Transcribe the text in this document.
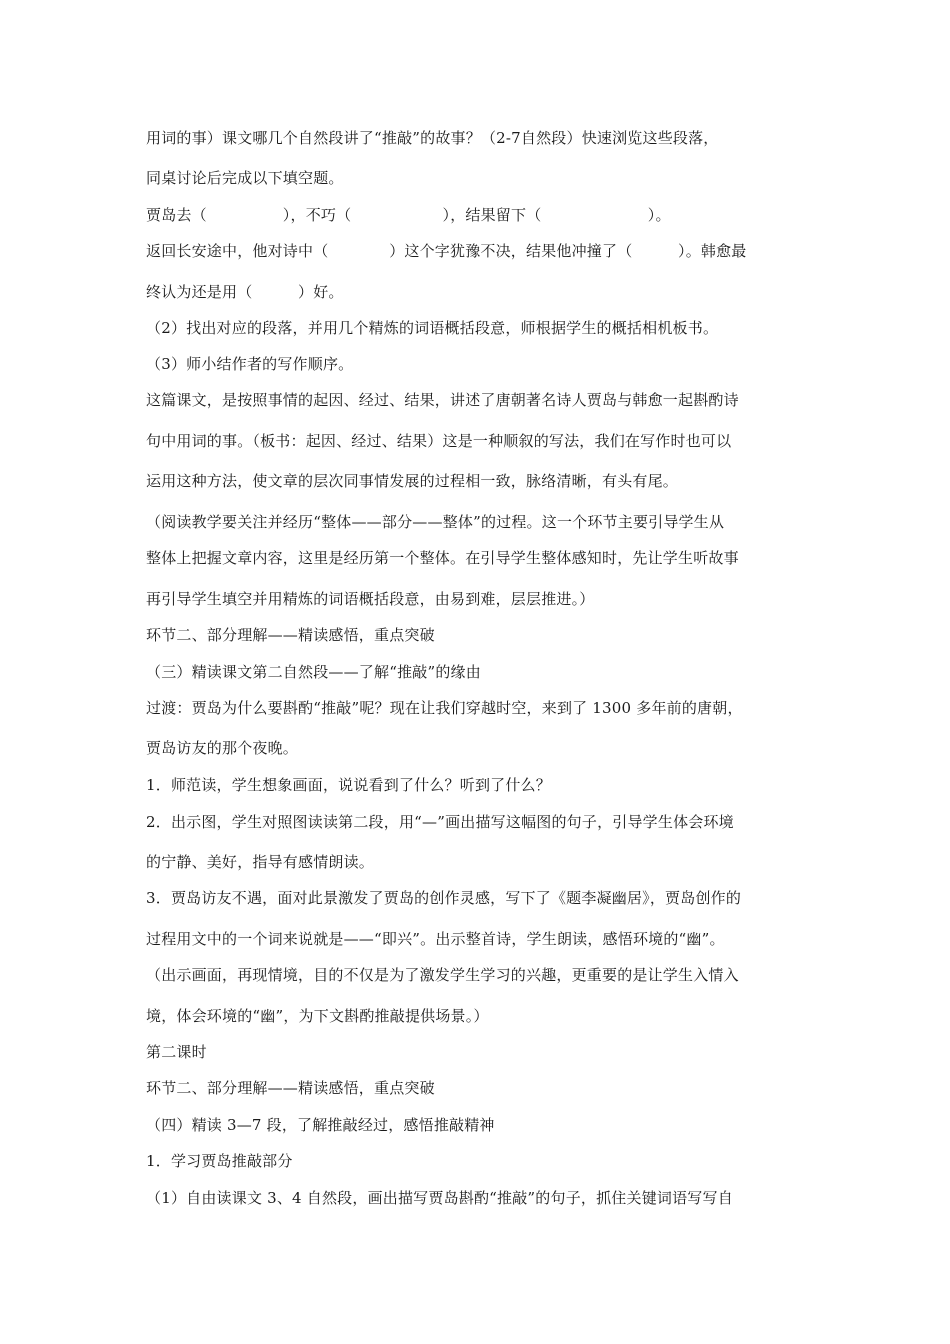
用词的事）课文哪几个自然段讲了“推敲”的故事？（2-7自然段）快速浏览这些段落，
同桌讨论后完成以下填空题。
贾岛去（　　　　　），不巧（　　　　　　），结果留下（　　　　　　　）。
返回长安途中，他对诗中（　　　　）这个字犹豫不决，结果他冲撞了（　　　）。韩愈最
终认为还是用（　　　）好。
（2）找出对应的段落，并用几个精炼的词语概括段意，师根据学生的概括相机板书。
（3）师小结作者的写作顺序。
这篇课文，是按照事情的起因、经过、结果，讲述了唐朝著名诗人贾岛与韩愈一起斟酌诗
句中用词的事。（板书：起因、经过、结果）这是一种顺叙的写法，我们在写作时也可以
运用这种方法，使文章的层次同事情发展的过程相一致，脉络清晰，有头有尾。
（阅读教学要关注并经历“整体——部分——整体”的过程。这一个环节主要引导学生从
整体上把握文章内容，这里是经历第一个整体。在引导学生整体感知时，先让学生听故事
再引导学生填空并用精炼的词语概括段意，由易到难，层层推进。）
环节二、部分理解——精读感悟，重点突破
（三）精读课文第二自然段——了解“推敲”的缘由
过渡：贾岛为什么要斟酌“推敲”呢？现在让我们穿越时空，来到了 1300 多年前的唐朝，
贾岛访友的那个夜晚。
1．师范读，学生想象画面，说说看到了什么？听到了什么？
2．出示图，学生对照图读读第二段，用“—”画出描写这幅图的句子，引导学生体会环境
的宁静、美好，指导有感情朗读。
3．贾岛访友不遇，面对此景激发了贾岛的创作灵感，写下了《题李凝幽居》，贾岛创作的
过程用文中的一个词来说就是——“即兴”。出示整首诗，学生朗读，感悟环境的“幽”。
（出示画面，再现情境，目的不仅是为了激发学生学习的兴趣，更重要的是让学生入情入
境，体会环境的“幽”，为下文斟酌推敲提供场景。）
第二课时
环节二、部分理解——精读感悟，重点突破
（四）精读 3—7 段，了解推敲经过，感悟推敲精神
1．学习贾岛推敲部分
（1）自由读课文 3、4 自然段，画出描写贾岛斟酌“推敲”的句子，抓住关键词语写写自
